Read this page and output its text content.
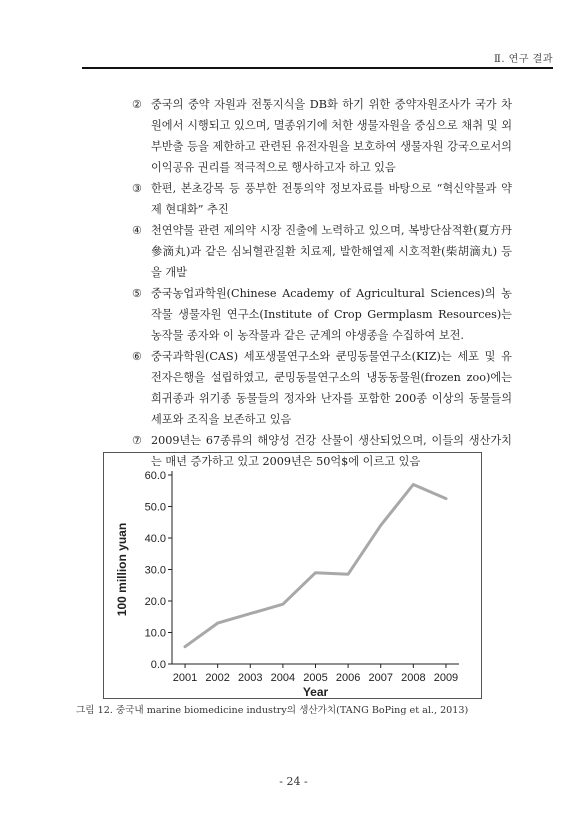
Ⅱ. 연구 결과
② 중국의 중약 자원과 전통지식을 DB화 하기 위한 중약자원조사가 국가 차원에서 시행되고 있으며, 멸종위기에 처한 생물자원을 중심으로 채취 및 외부반출 등을 제한하고 관련된 유전자원을 보호하여 생물자원 강국으로서의 이익공유 권리를 적극적으로 행사하고자 하고 있음
③ 한편, 본초강목 등 풍부한 전통의약 정보자료를 바탕으로 “혁신약물과 약제 현대화” 추진
④ 천연약물 관련 제의약 시장 진출에 노력하고 있으며, 복방단삼적환(夏方丹參滴丸)과 같은 심뇌혈관질환 치료제, 발한해열제 시호적환(柴胡滴丸) 등을 개발
⑤ 중국농업과학원(Chinese Academy of Agricultural Sciences)의 농작물 생물자원 연구소(Institute of Crop Germplasm Resources)는 농작물 종자와 이 농작물과 같은 군계의 야생종을 수집하여 보전.
⑥ 중국과학원(CAS) 세포생물연구소와 쿤밍동물연구소(KIZ)는 세포 및 유전자은행을 설립하였고, 쿤밍동물연구소의 냉동동물원(frozen zoo)에는 희귀종과 위기종 동물들의 정자와 난자를 포함한 200종 이상의 동물들의 세포와 조직을 보존하고 있음
⑦ 2009년는 67종류의 해양성 건강 산물이 생산되었으며, 이들의 생산가치는 매년 증가하고 있고 2009년은 50억$에 이르고 있음
0.0
10.0
20.0
30.0
40.0
50.0
60.0
2001 2002 2003 2004 2005 2006 2007 2008 2009
100 million yuan
Year
그림 12. 중국내 marine biomedicine industry의 생산가치(TANG BoPing et al., 2013)
- 24 -
